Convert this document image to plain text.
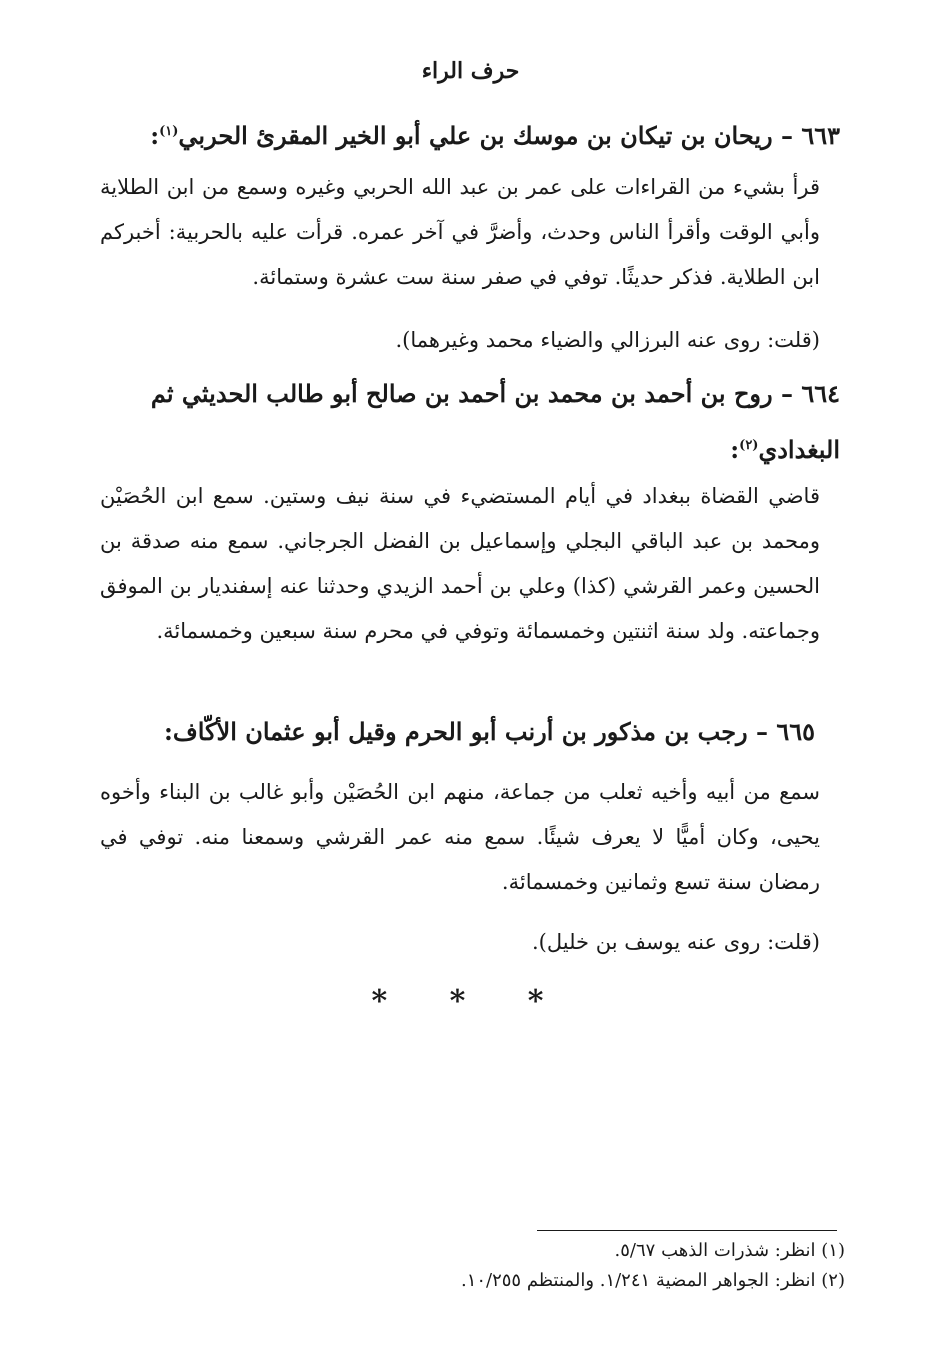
حرف الراء
٦٦٣ – ريحان بن تيكان بن موسك بن علي أبو الخير المقرئ الحربي$^{(١)}$:
قرأ بشيء من القراءات على عمر بن عبد الله الحربي وغيره وسمع من ابن الطلاية وأبي الوقت وأقرأ الناس وحدث، وأضرَّ في آخر عمره. قرأت عليه بالحربية: أخبركم ابن الطلاية. فذكر حديثًا. توفي في صفر سنة ست عشرة وستمائة.
(قلت: روى عنه البرزالي والضياء محمد وغيرهما).
٦٦٤ – روح بن أحمد بن محمد بن أحمد بن صالح أبو طالب الحديثي ثم البغدادي$^{(٢)}$:
قاضي القضاة ببغداد في أيام المستضيء في سنة نيف وستين. سمع ابن الحُصَيْن ومحمد بن عبد الباقي البجلي وإسماعيل بن الفضل الجرجاني. سمع منه صدقة بن الحسين وعمر القرشي (كذا) وعلي بن أحمد الزيدي وحدثنا عنه إسفنديار بن الموفق وجماعته. ولد سنة اثنتين وخمسمائة وتوفي في محرم سنة سبعين وخمسمائة.
٦٦٥ – رجب بن مذكور بن أرنب أبو الحرم وقيل أبو عثمان الأكّاف:
سمع من أبيه وأخيه ثعلب من جماعة، منهم ابن الحُصَيْن وأبو غالب بن البناء وأخوه يحيى، وكان أميًّا لا يعرف شيئًا. سمع منه عمر القرشي وسمعنا منه. توفي في رمضان سنة تسع وثمانين وخمسمائة.
(قلت: روى عنه يوسف بن خليل).
* * *
(١) انظر: شذرات الذهب ٥/٦٧.
(٢) انظر: الجواهر المضية ١/٢٤١. والمنتظم ١٠/٢٥٥.
